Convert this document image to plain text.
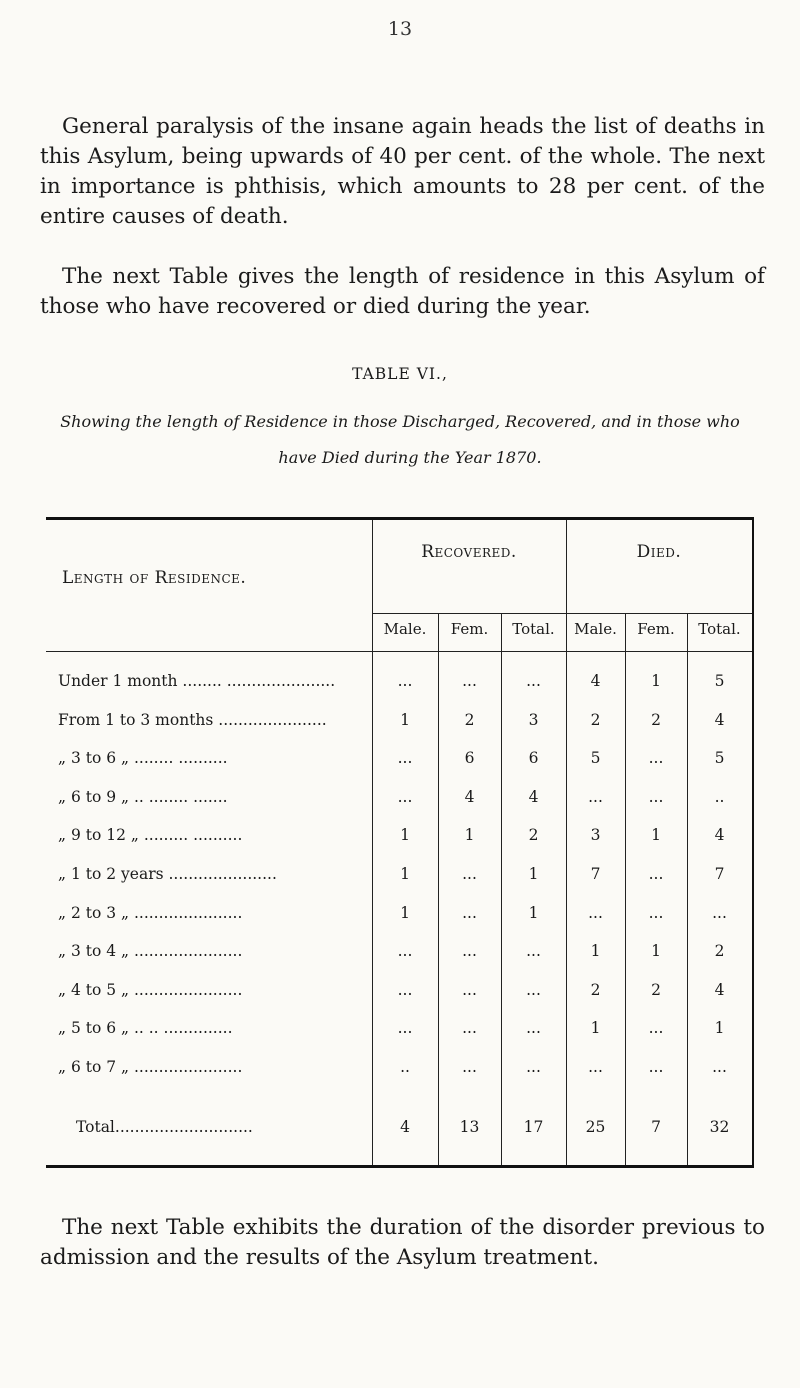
13

General paralysis of the insane again heads the list of deaths in this Asylum, being upwards of 40 per cent. of the whole. The next in importance is phthisis, which amounts to 28 per cent. of the entire causes of death.

The next Table gives the length of residence in this Asylum of those who have recovered or died during the year.

TABLE VI.,
Showing the length of Residence in those Discharged, Recovered, and in those who
have Died during the Year 1870.
Length of Residence.
Recovered.	Died.
Male.	Fem.	Total.	Male.	Fem.	Total.
Under 1 month ........ ......................	...	...	...	4	1	5
From 1 to 3 months ......................	1	2	3	2	2	4
„ 3 to 6 „ ........ ..........	...	6	6	5	...	5
„ 6 to 9 „ .. ........ .......	...	4	4	...	...	..
„ 9 to 12 „ ......... ..........	1	1	2	3	1	4
„ 1 to 2 years ......................	1	...	1	7	...	7
„ 2 to 3 „ ......................	1	...	1	...	...	...
„ 3 to 4 „ ......................	...	...	...	1	1	2
„ 4 to 5 „ ......................	...	...	...	2	2	4
„ 5 to 6 „ .. .. ..............	...	...	...	1	...	1
„ 6 to 7 „ ......................	..	...	...	...	...	...
Total............................	4	13	17	25	7	32

The next Table exhibits the duration of the disorder previous to admission and the results of the Asylum treatment.
